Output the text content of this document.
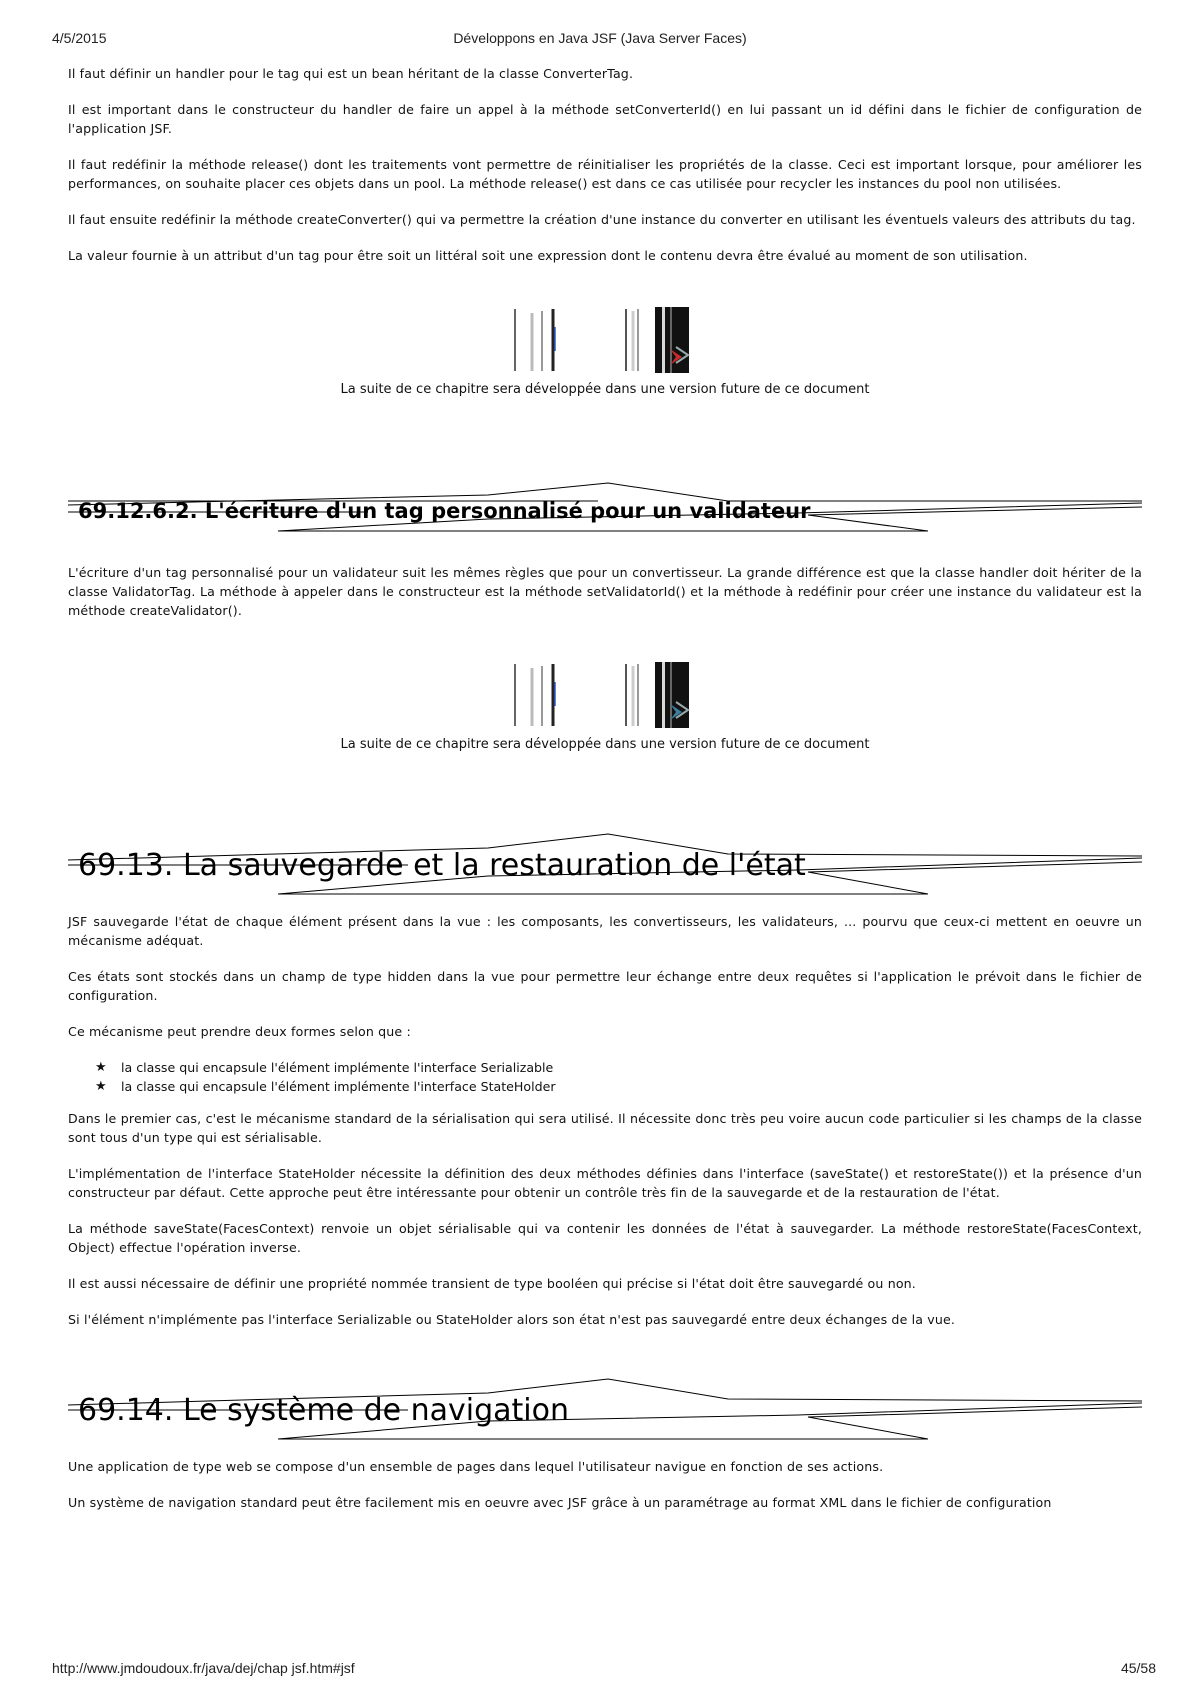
4/5/2015	Développons en Java JSF (Java Server Faces)

Il faut définir un handler pour le tag qui est un bean héritant de la classe ConverterTag.

Il est important dans le constructeur du handler de faire un appel à la méthode setConverterId() en lui passant un id défini dans le fichier de configuration de l'application JSF.

Il faut redéfinir la méthode release() dont les traitements vont permettre de réinitialiser les propriétés de la classe. Ceci est important lorsque, pour améliorer les performances, on souhaite placer ces objets dans un pool. La méthode release() est dans ce cas utilisée pour recycler les instances du pool non utilisées.

Il faut ensuite redéfinir la méthode createConverter() qui va permettre la création d'une instance du converter en utilisant les éventuels valeurs des attributs du tag.

La valeur fournie à un attribut d'un tag pour être soit un littéral soit une expression dont le contenu devra être évalué au moment de son utilisation.

La suite de ce chapitre sera développée dans une version future de ce document
69.12.6.2. L'écriture d'un tag personnalisé pour un validateur

L'écriture d'un tag personnalisé pour un validateur suit les mêmes règles que pour un convertisseur. La grande différence est que la classe handler doit hériter de la classe ValidatorTag. La méthode à appeler dans le constructeur est la méthode setValidatorId() et la méthode à redéfinir pour créer une instance du validateur est la méthode createValidator().

La suite de ce chapitre sera développée dans une version future de ce document
69.13. La sauvegarde et la restauration de l'état

JSF sauvegarde l'état de chaque élément présent dans la vue : les composants, les convertisseurs, les validateurs, ... pourvu que ceux-ci mettent en oeuvre un mécanisme adéquat.

Ces états sont stockés dans un champ de type hidden dans la vue pour permettre leur échange entre deux requêtes si l'application le prévoit dans le fichier de configuration.

Ce mécanisme peut prendre deux formes selon que :

★ la classe qui encapsule l'élément implémente l'interface Serializable
★ la classe qui encapsule l'élément implémente l'interface StateHolder

Dans le premier cas, c'est le mécanisme standard de la sérialisation qui sera utilisé. Il nécessite donc très peu voire aucun code particulier si les champs de la classe sont tous d'un type qui est sérialisable.

L'implémentation de l'interface StateHolder nécessite la définition des deux méthodes définies dans l'interface (saveState() et restoreState()) et la présence d'un constructeur par défaut. Cette approche peut être intéressante pour obtenir un contrôle très fin de la sauvegarde et de la restauration de l'état.

La méthode saveState(FacesContext) renvoie un objet sérialisable qui va contenir les données de l'état à sauvegarder. La méthode restoreState(FacesContext, Object) effectue l'opération inverse.

Il est aussi nécessaire de définir une propriété nommée transient de type booléen qui précise si l'état doit être sauvegardé ou non.

Si l'élément n'implémente pas l'interface Serializable ou StateHolder alors son état n'est pas sauvegardé entre deux échanges de la vue.

69.14. Le système de navigation

Une application de type web se compose d'un ensemble de pages dans lequel l'utilisateur navigue en fonction de ses actions.

Un système de navigation standard peut être facilement mis en oeuvre avec JSF grâce à un paramétrage au format XML dans le fichier de configuration

http://www.jmdoudoux.fr/java/dej/chap jsf.htm#jsf	45/58
